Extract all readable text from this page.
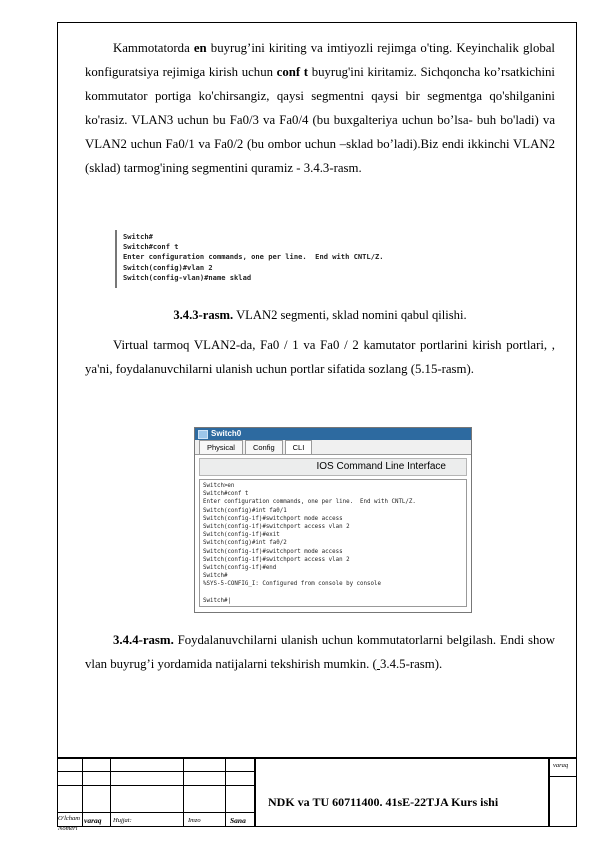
Kammotatorda en buyrug’ini kiriting va imtiyozli rejimga o'ting. Keyinchalik global konfiguratsiya rejimiga kirish uchun conf t buyrug'ini kiritamiz. Sichqoncha ko’rsatkichini kommutator portiga ko'chirsangiz, qaysi segmentni qaysi bir segmentga qo'shilganini ko'rasiz. VLAN3 uchun bu Fa0/3 va Fa0/4 (bu buxgalteriya uchun bo’lsa- buh bo'ladi) va VLAN2 uchun Fa0/1 va Fa0/2 (bu ombor uchun –sklad bo’ladi).Biz endi ikkinchi VLAN2 (sklad) tarmog'ining segmentini quramiz - 3.4.3-rasm.

Switch#
Switch#conf t
Enter configuration commands, one per line.  End with CNTL/Z.
Switch(config)#vlan 2
Switch(config-vlan)#name sklad

3.4.3-rasm. VLAN2 segmenti, sklad nomini qabul qilishi.

Virtual tarmoq VLAN2-da, Fa0 / 1 va Fa0 / 2 kamutator portlarini kirish portlari, , ya'ni, foydalanuvchilarni ulanish uchun portlar sifatida sozlang (5.15-rasm).

Switch0
Physical	Config	CLI
IOS Command Line Interface
Switch>en
Switch#conf t
Enter configuration commands, one per line.  End with CNTL/Z.
Switch(config)#int fa0/1
Switch(config-if)#switchport mode access
Switch(config-if)#switchport access vlan 2
Switch(config-if)#exit
Switch(config)#int fa0/2
Switch(config-if)#switchport mode access
Switch(config-if)#switchport access vlan 2
Switch(config-if)#end
Switch#
%SYS-5-CONFIG_I: Configured from console by console

Switch#|

3.4.4-rasm. Foydalanuvchilarni ulanish uchun kommutatorlarni belgilash. Endi show vlan buyrug’i yordamida natijalarni tekshirish mumkin. ( 3.4.5-rasm).

NDK va TU 60711400. 41sE-22TJA Kurs ishi
O'lcham
Nomeri
varaq Hujjat:	Imzo	Sana
varaq
